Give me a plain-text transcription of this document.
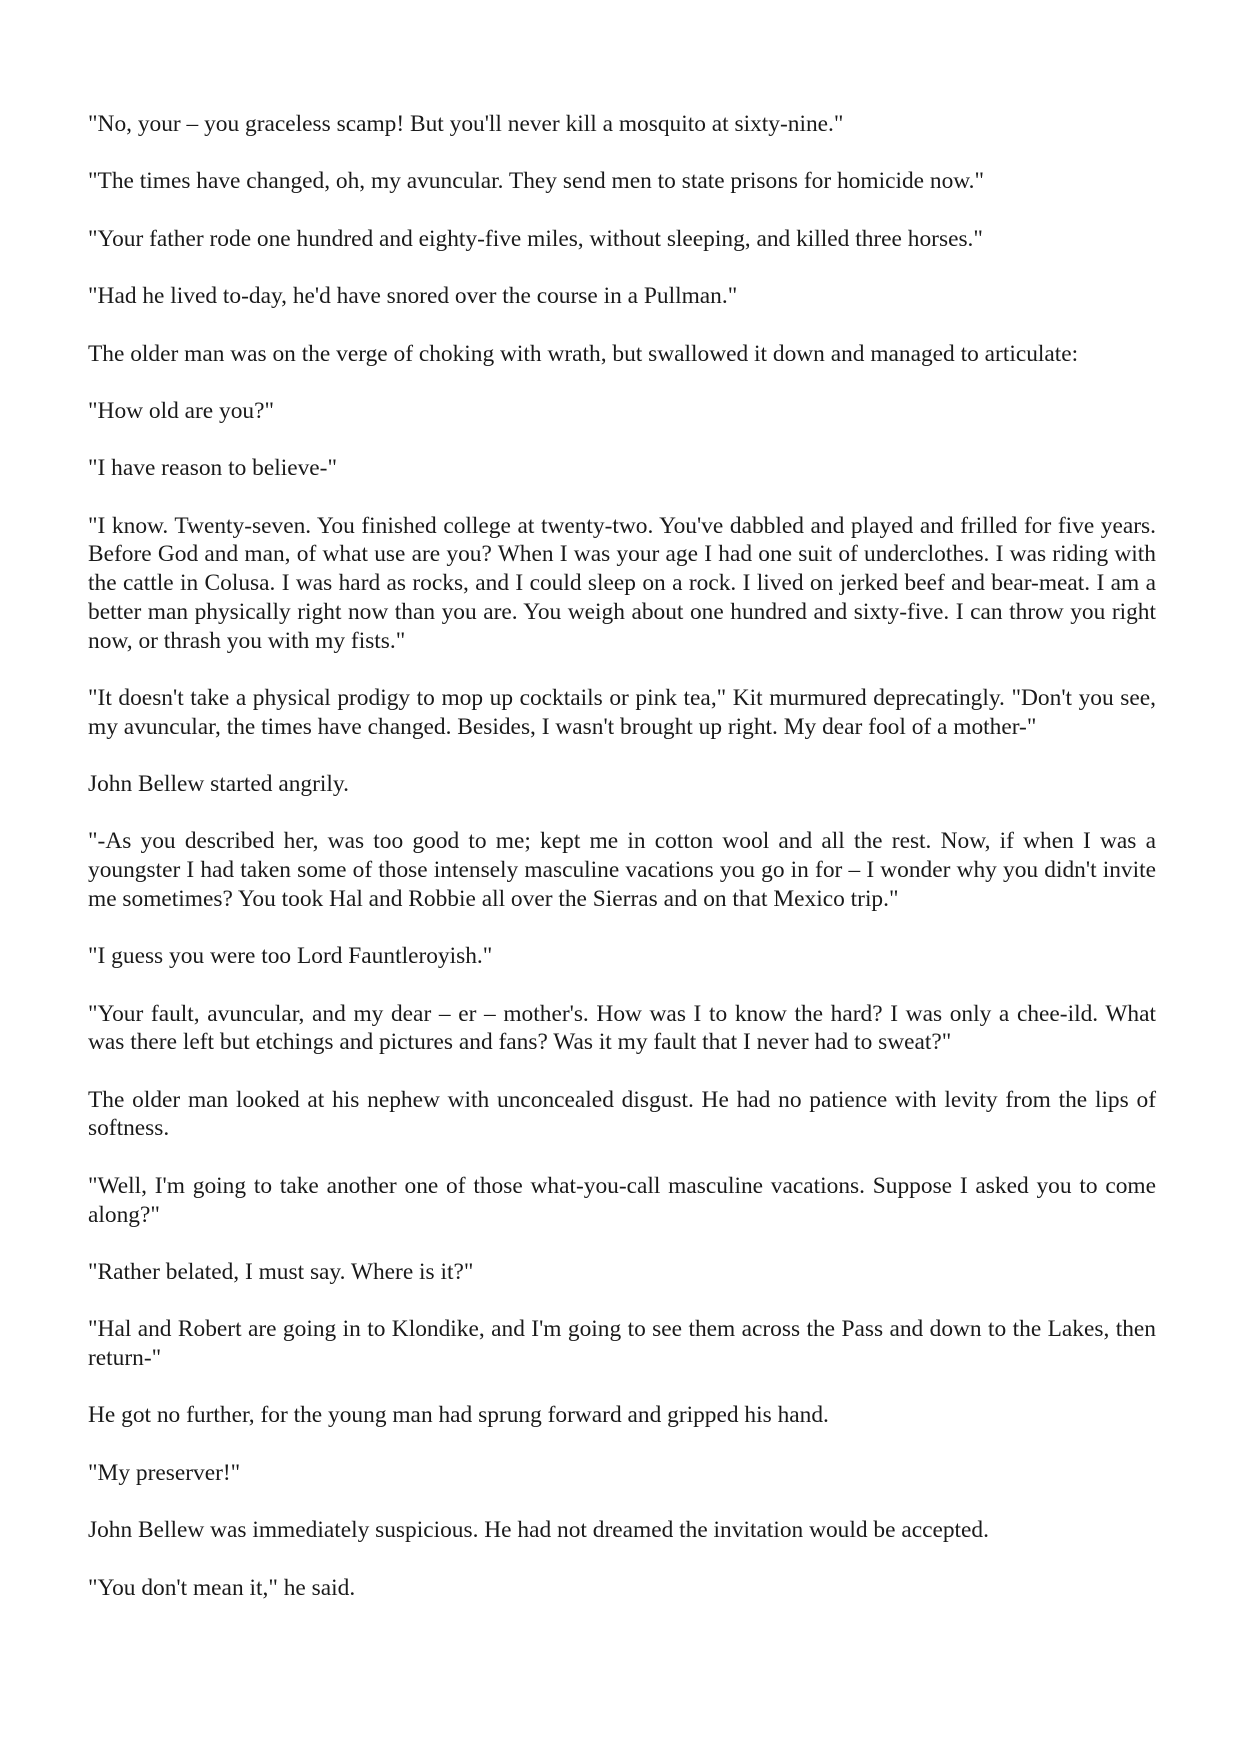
"No, your – you graceless scamp! But you'll never kill a mosquito at sixty-nine."

"The times have changed, oh, my avuncular. They send men to state prisons for homicide now."

"Your father rode one hundred and eighty-five miles, without sleeping, and killed three horses."

"Had he lived to-day, he'd have snored over the course in a Pullman."

The older man was on the verge of choking with wrath, but swallowed it down and managed to articulate:

"How old are you?"

"I have reason to believe-"

"I know. Twenty-seven. You finished college at twenty-two. You've dabbled and played and frilled for five years. Before God and man, of what use are you? When I was your age I had one suit of underclothes. I was riding with the cattle in Colusa. I was hard as rocks, and I could sleep on a rock. I lived on jerked beef and bear-meat. I am a better man physically right now than you are. You weigh about one hundred and sixty-five. I can throw you right now, or thrash you with my fists."

"It doesn't take a physical prodigy to mop up cocktails or pink tea," Kit murmured deprecatingly. "Don't you see, my avuncular, the times have changed. Besides, I wasn't brought up right. My dear fool of a mother-"

John Bellew started angrily.

"-As you described her, was too good to me; kept me in cotton wool and all the rest. Now, if when I was a youngster I had taken some of those intensely masculine vacations you go in for – I wonder why you didn't invite me sometimes? You took Hal and Robbie all over the Sierras and on that Mexico trip."

"I guess you were too Lord Fauntleroyish."

"Your fault, avuncular, and my dear – er – mother's. How was I to know the hard? I was only a chee-ild. What was there left but etchings and pictures and fans? Was it my fault that I never had to sweat?"

The older man looked at his nephew with unconcealed disgust. He had no patience with levity from the lips of softness.

"Well, I'm going to take another one of those what-you-call masculine vacations. Suppose I asked you to come along?"

"Rather belated, I must say. Where is it?"

"Hal and Robert are going in to Klondike, and I'm going to see them across the Pass and down to the Lakes, then return-"

He got no further, for the young man had sprung forward and gripped his hand.

"My preserver!"

John Bellew was immediately suspicious. He had not dreamed the invitation would be accepted.

"You don't mean it," he said.
